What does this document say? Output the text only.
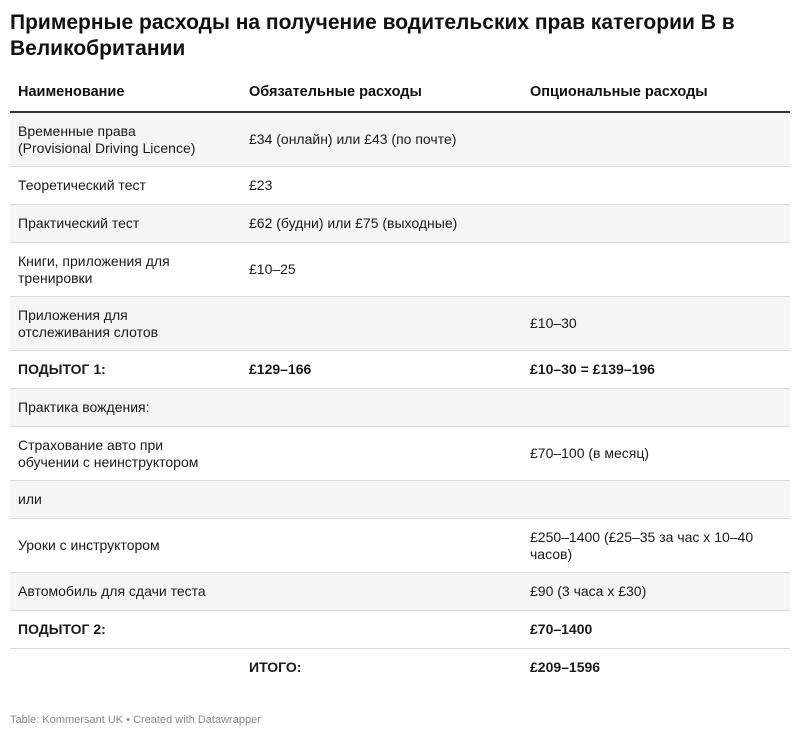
Примерные расходы на получение водительских прав категории B в Великобритании
Наименование	Обязательные расходы	Опциональные расходы
Временные права
(Provisional Driving Licence)	£34 (онлайн) или £43 (по почте)	
Теоретический тест	£23	
Практический тест	£62 (будни) или £75 (выходные)	
Книги, приложения для
тренировки	£10–25	
Приложения для
отслеживания слотов		£10–30
ПОДЫТОГ 1:	£129–166	£10–30 = £139–196
Практика вождения:		
Страхование авто при
обучении с неинструктором		£70–100 (в месяц)
или		
Уроки с инструктором		£250–1400 (£25–35 за час х 10–40
часов)
Автомобиль для сдачи теста		£90 (3 часа х £30)
ПОДЫТОГ 2:		£70–1400
	ИТОГО:	£209–1596
Table: Kommersant UK • Created with Datawrapper
